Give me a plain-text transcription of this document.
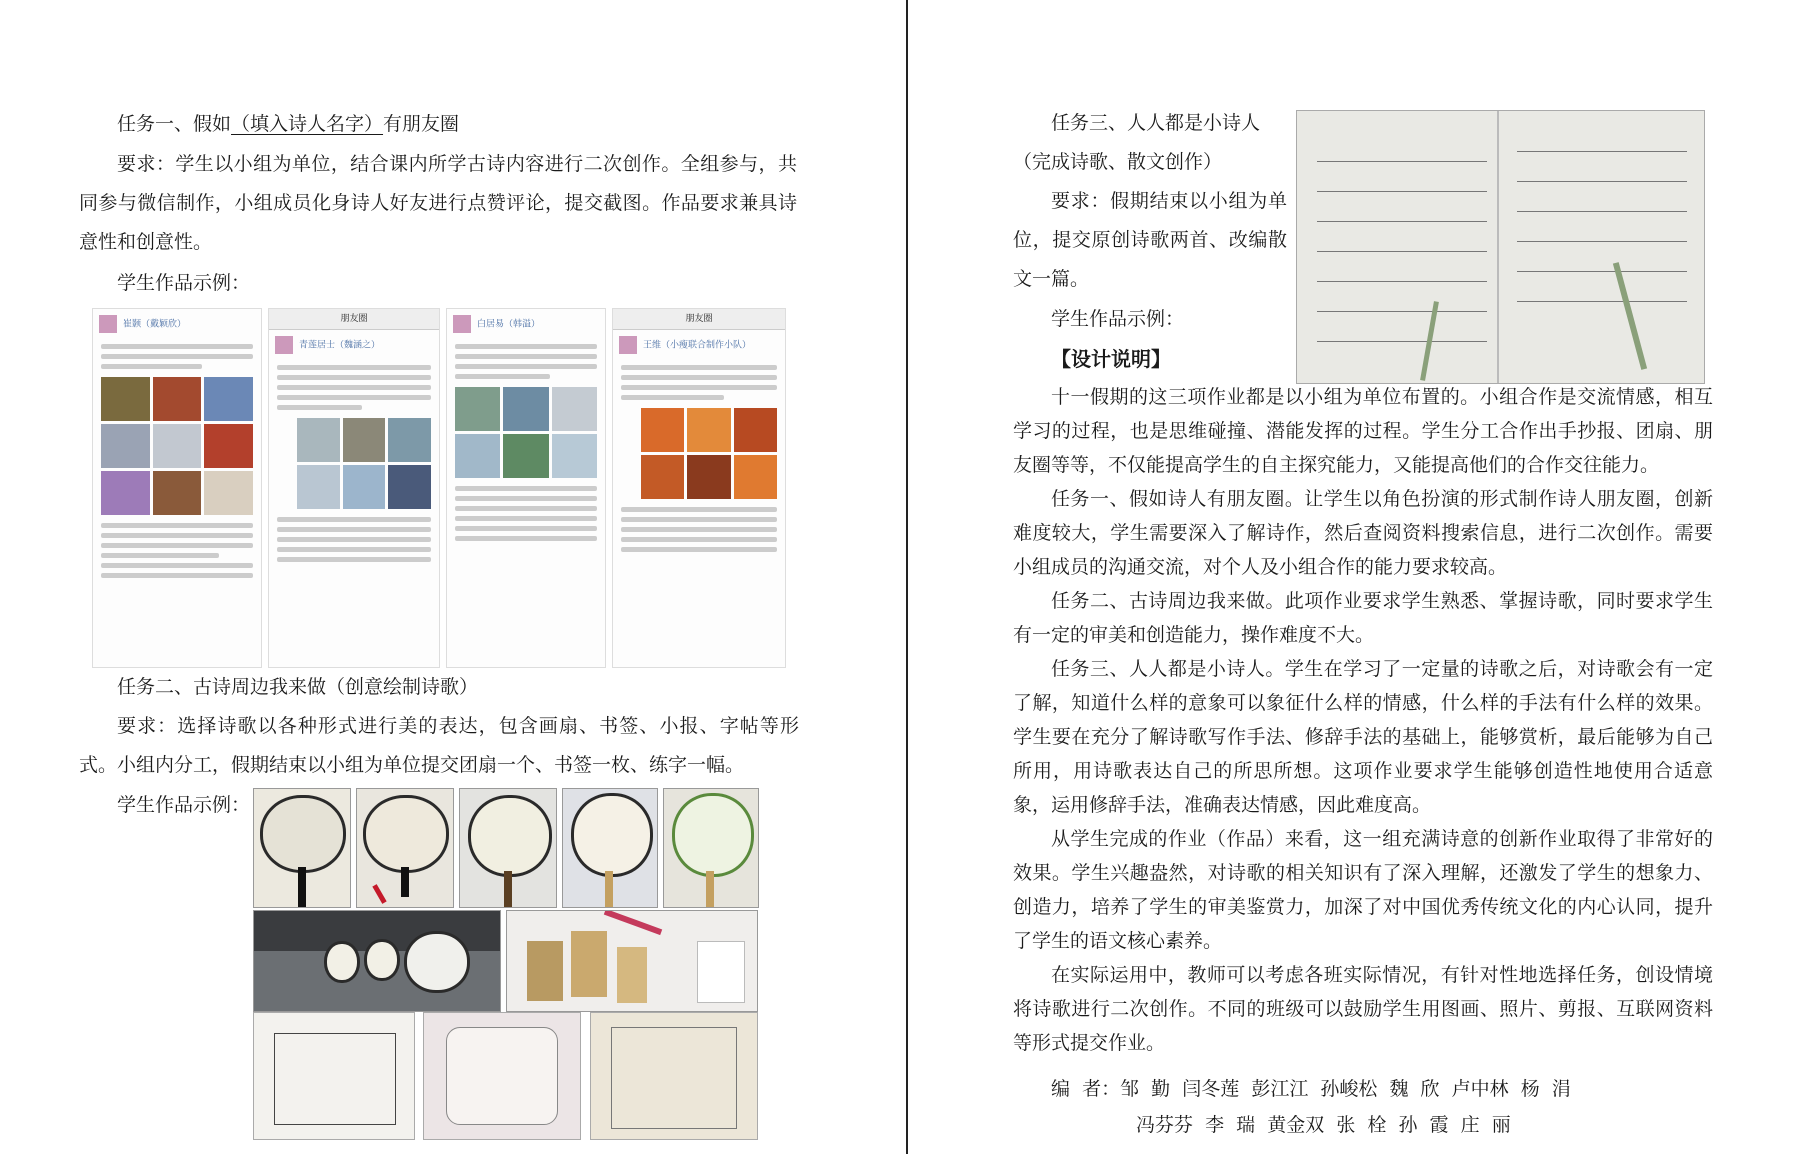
任务一、假如（填入诗人名字）有朋友圈
要求：学生以小组为单位，结合课内所学古诗内容进行二次创作。全组参与，共同参与微信制作，小组成员化身诗人好友进行点赞评论，提交截图。作品要求兼具诗意性和创意性。
学生作品示例：
崔颢（戴颖欣）
朋友圈
青莲居士（魏涵之）
白居易（韩溢）
朋友圈
王维（小瘦联合制作小队）
任务二、古诗周边我来做（创意绘制诗歌）
要求：选择诗歌以各种形式进行美的表达，包含画扇、书签、小报、字帖等形式。小组内分工，假期结束以小组为单位提交团扇一个、书签一枚、练字一幅。
学生作品示例：
任务三、人人都是小诗人
（完成诗歌、散文创作）
要求：假期结束以小组为单位，提交原创诗歌两首、改编散文一篇。
学生作品示例：
【设计说明】
十一假期的这三项作业都是以小组为单位布置的。小组合作是交流情感，相互学习的过程，也是思维碰撞、潜能发挥的过程。学生分工合作出手抄报、团扇、朋友圈等等，不仅能提高学生的自主探究能力，又能提高他们的合作交往能力。
任务一、假如诗人有朋友圈。让学生以角色扮演的形式制作诗人朋友圈，创新难度较大，学生需要深入了解诗作，然后查阅资料搜索信息，进行二次创作。需要小组成员的沟通交流，对个人及小组合作的能力要求较高。
任务二、古诗周边我来做。此项作业要求学生熟悉、掌握诗歌，同时要求学生有一定的审美和创造能力，操作难度不大。
任务三、人人都是小诗人。学生在学习了一定量的诗歌之后，对诗歌会有一定了解，知道什么样的意象可以象征什么样的情感，什么样的手法有什么样的效果。学生要在充分了解诗歌写作手法、修辞手法的基础上，能够赏析，最后能够为自己所用，用诗歌表达自己的所思所想。这项作业要求学生能够创造性地使用合适意象，运用修辞手法，准确表达情感，因此难度高。
从学生完成的作业（作品）来看，这一组充满诗意的创新作业取得了非常好的效果。学生兴趣盎然，对诗歌的相关知识有了深入理解，还激发了学生的想象力、创造力，培养了学生的审美鉴赏力，加深了对中国优秀传统文化的内心认同，提升了学生的语文核心素养。
在实际运用中，教师可以考虑各班实际情况，有针对性地选择任务，创设情境将诗歌进行二次创作。不同的班级可以鼓励学生用图画、照片、剪报、互联网资料等形式提交作业。
编  者：邹  勤  闫冬莲  彭江江  孙峻松  魏  欣  卢中林  杨  涓
冯芬芬  李  瑞  黄金双  张  栓  孙  霞  庄  丽
